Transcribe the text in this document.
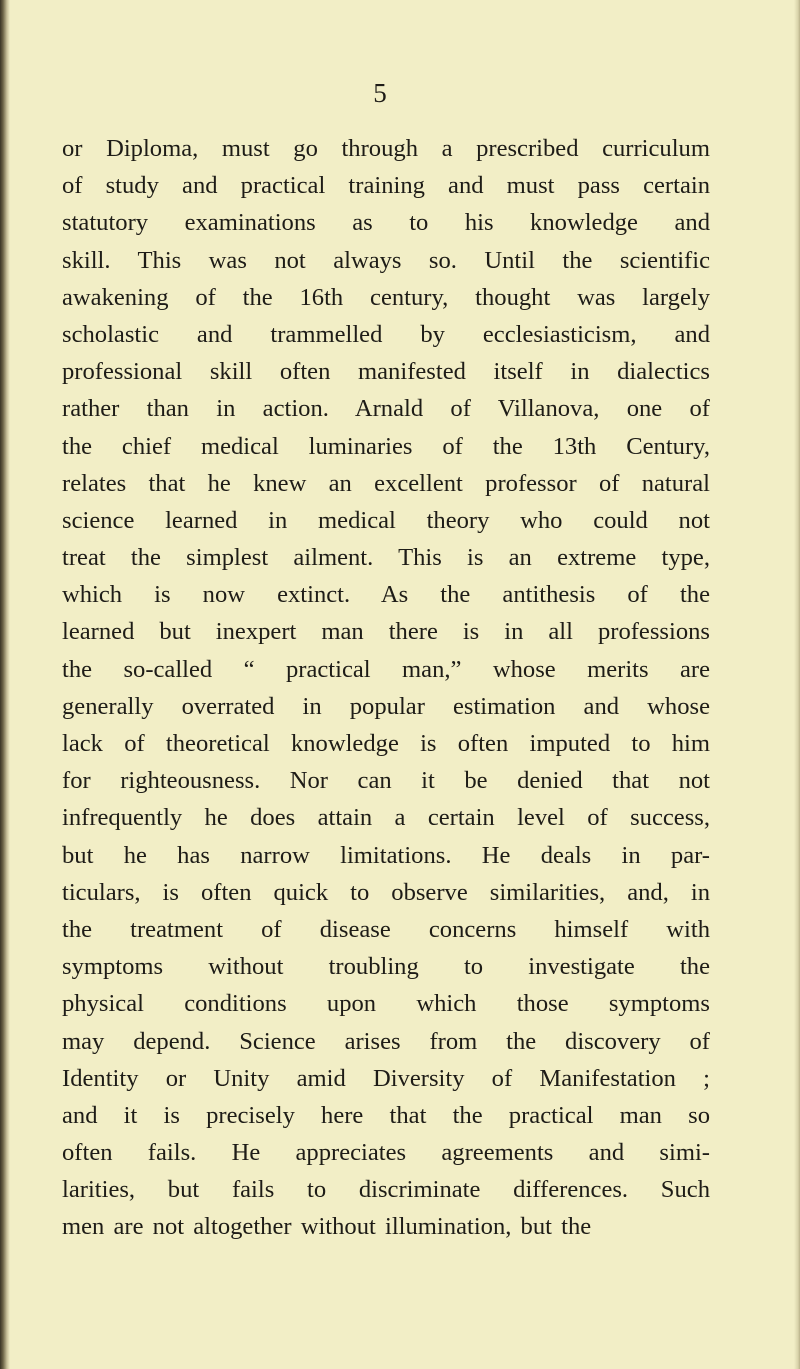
5
or Diploma, must go through a prescribed curriculum
of study and practical training and must pass certain
statutory examinations as to his knowledge and
skill. This was not always so. Until the scientific
awakening of the 16th century, thought was largely
scholastic and trammelled by ecclesiasticism, and
professional skill often manifested itself in dialectics
rather than in action. Arnald of Villanova, one of
the chief medical luminaries of the 13th Century,
relates that he knew an excellent professor of natural
science learned in medical theory who could not
treat the simplest ailment. This is an extreme type,
which is now extinct. As the antithesis of the
learned but inexpert man there is in all professions
the so-called “ practical man,” whose merits are
generally overrated in popular estimation and whose
lack of theoretical knowledge is often imputed to him
for righteousness. Nor can it be denied that not
infrequently he does attain a certain level of success,
but he has narrow limitations. He deals in par-
ticulars, is often quick to observe similarities, and, in
the treatment of disease concerns himself with
symptoms without troubling to investigate the
physical conditions upon which those symptoms
may depend. Science arises from the discovery of
Identity or Unity amid Diversity of Manifestation ;
and it is precisely here that the practical man so
often fails. He appreciates agreements and simi-
larities, but fails to discriminate differences. Such
men are not altogether without illumination, but the
